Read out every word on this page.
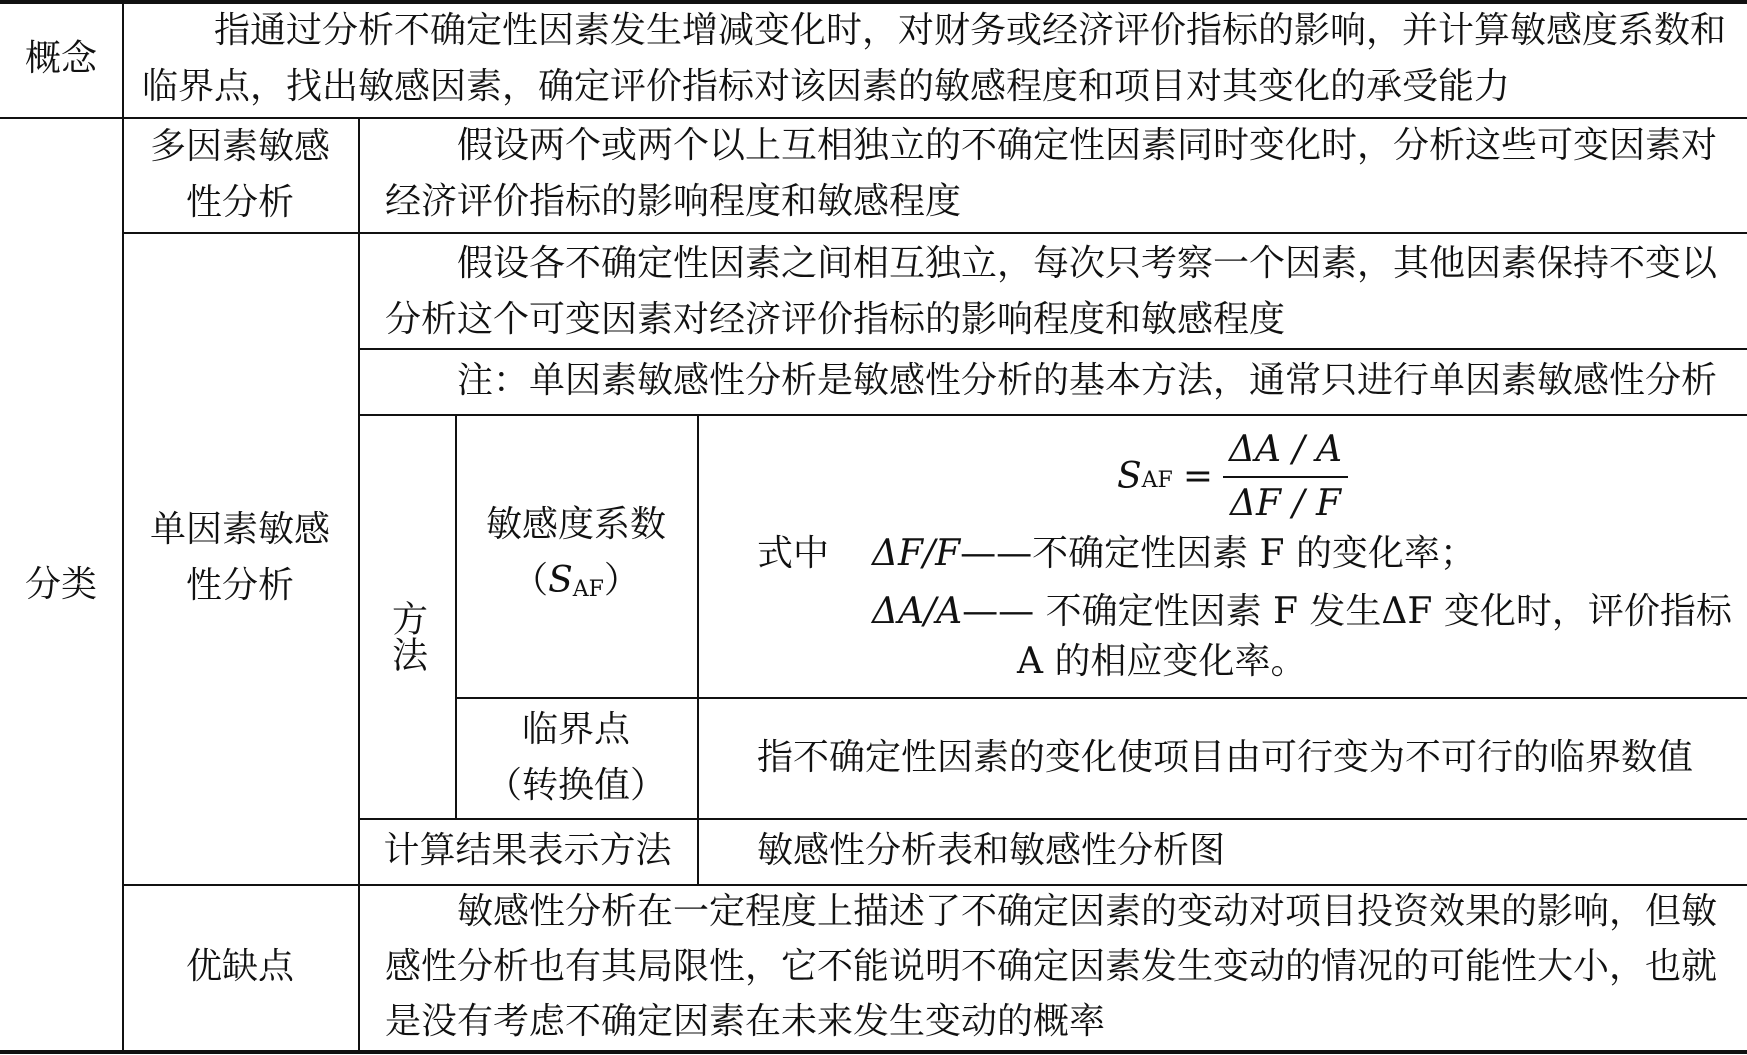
概念
指通过分析不确定性因素发生增减变化时，对财务或经济评价指标的影响，并计算敏感度系数和临界点，找出敏感因素，确定评价指标对该因素的敏感程度和项目对其变化的承受能力
分类
多因素敏感性分析
假设两个或两个以上互相独立的不确定性因素同时变化时，分析这些可变因素对经济评价指标的影响程度和敏感程度
单因素敏感性分析
假设各不确定性因素之间相互独立，每次只考察一个因素，其他因素保持不变以分析这个可变因素对经济评价指标的影响程度和敏感程度
注：单因素敏感性分析是敏感性分析的基本方法，通常只进行单因素敏感性分析
方法
敏感度系数
（SAF）
S AF = $\frac{\Delta A / A}{\Delta F / F}$
式中 ΔF/F——不确定性因素 F 的变化率；
ΔA/A—— 不确定性因素 F 发生ΔF 变化时，评价指标
A 的相应变化率。
临界点
（转换值）
指不确定性因素的变化使项目由可行变为不可行的临界数值
计算结果表示方法	敏感性分析表和敏感性分析图
优缺点
敏感性分析在一定程度上描述了不确定因素的变动对项目投资效果的影响，但敏感性分析也有其局限性，它不能说明不确定因素发生变动的情况的可能性大小，也就是没有考虑不确定因素在未来发生变动的概率
